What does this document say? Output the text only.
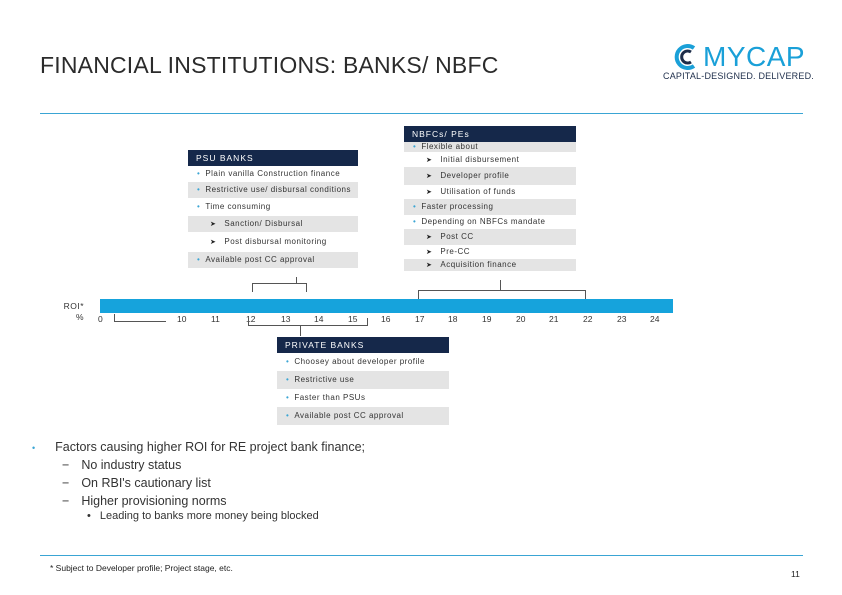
FINANCIAL INSTITUTIONS: BANKS/ NBFC	MYCAP
CAPITAL-DESIGNED. DELIVERED.
NBFCs/ PEs
• Flexible about
➤ Initial disbursement
➤ Developer profile
➤ Utilisation of funds
• Faster processing
• Depending on NBFCs mandate
➤ Post CC
➤ Pre-CC
➤ Acquisition finance
PSU BANKS
• Plain vanilla Construction finance
• Restrictive use/ disbursal conditions
• Time consuming
➤ Sanction/ Disbursal
➤ Post disbursal monitoring
• Available post CC approval
ROI*
% 0	10	11	12	13	14	15	16	17	18	19	20	21	22	23	24
PRIVATE BANKS
• Choosey about developer profile
• Restrictive use
• Faster than PSUs
• Available post CC approval
• Factors causing higher ROI for RE project bank finance;
− No industry status
− On RBI's cautionary list
− Higher provisioning norms
• Leading to banks more money being blocked
* Subject to Developer profile; Project stage, etc.
11
